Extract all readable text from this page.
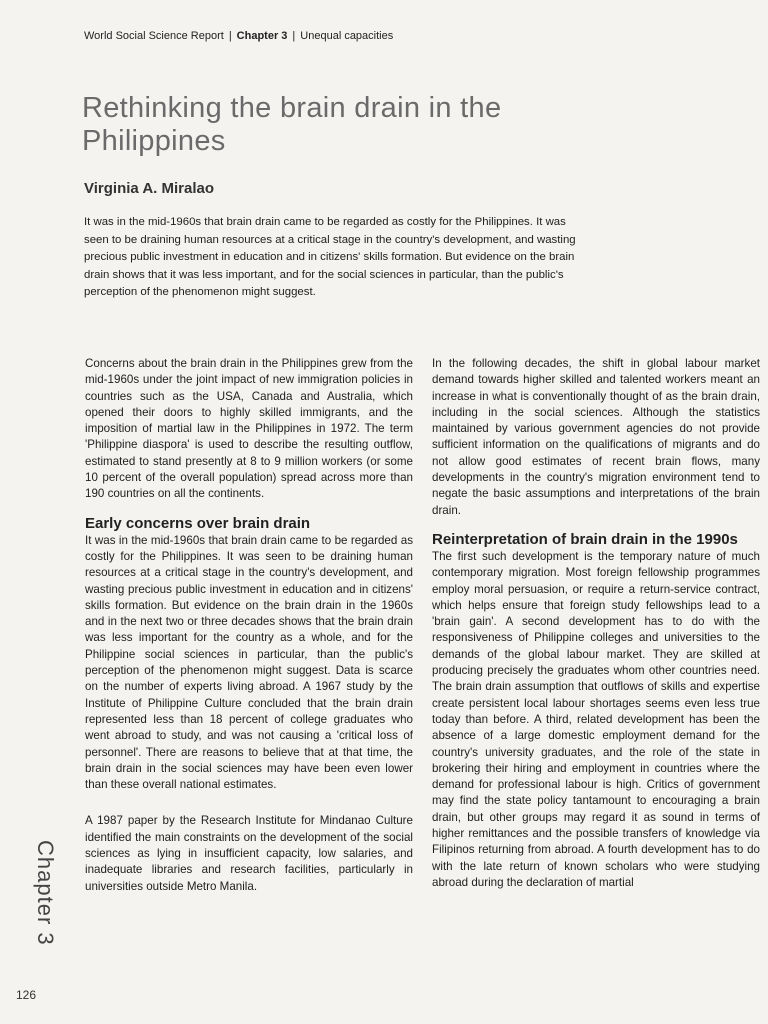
World Social Science Report | Chapter 3 | Unequal capacities
Rethinking the brain drain in the Philippines
Virginia A. Miralao

It was in the mid-1960s that brain drain came to be regarded as costly for the Philippines. It was seen to be draining human resources at a critical stage in the country's development, and wasting precious public investment in education and in citizens' skills formation. But evidence on the brain drain shows that it was less important, and for the social sciences in particular, than the public's perception of the phenomenon might suggest.

Concerns about the brain drain in the Philippines grew from the mid-1960s under the joint impact of new immigration policies in countries such as the USA, Canada and Australia, which opened their doors to highly skilled immigrants, and the imposition of martial law in the Philippines in 1972. The term 'Philippine diaspora' is used to describe the resulting outflow, estimated to stand presently at 8 to 9 million workers (or some 10 percent of the overall population) spread across more than 190 countries on all the continents.

Early concerns over brain drain

It was in the mid-1960s that brain drain came to be regarded as costly for the Philippines. It was seen to be draining human resources at a critical stage in the country's development, and wasting precious public investment in education and in citizens' skills formation. But evidence on the brain drain in the 1960s and in the next two or three decades shows that the brain drain was less important for the country as a whole, and for the Philippine social sciences in particular, than the public's perception of the phenomenon might suggest. Data is scarce on the number of experts living abroad. A 1967 study by the Institute of Philippine Culture concluded that the brain drain represented less than 18 percent of college graduates who went abroad to study, and was not causing a 'critical loss of personnel'. There are reasons to believe that at that time, the brain drain in the social sciences may have been even lower than these overall national estimates.

A 1987 paper by the Research Institute for Mindanao Culture identified the main constraints on the development of the social sciences as lying in insufficient capacity, low salaries, and inadequate libraries and research facilities, particularly in universities outside Metro Manila.

In the following decades, the shift in global labour market demand towards higher skilled and talented workers meant an increase in what is conventionally thought of as the brain drain, including in the social sciences. Although the statistics maintained by various government agencies do not provide sufficient information on the qualifications of migrants and do not allow good estimates of recent brain flows, many developments in the country's migration environment tend to negate the basic assumptions and interpretations of the brain drain.

Reinterpretation of brain drain in the 1990s

The first such development is the temporary nature of much contemporary migration. Most foreign fellowship programmes employ moral persuasion, or require a return-service contract, which helps ensure that foreign study fellowships lead to a 'brain gain'. A second development has to do with the responsiveness of Philippine colleges and universities to the demands of the global labour market. They are skilled at producing precisely the graduates whom other countries need. The brain drain assumption that outflows of skills and expertise create persistent local labour shortages seems even less true today than before. A third, related development has been the absence of a large domestic employment demand for the country's university graduates, and the role of the state in brokering their hiring and employment in countries where the demand for professional labour is high. Critics of government may find the state policy tantamount to encouraging a brain drain, but other groups may regard it as sound in terms of higher remittances and the possible transfers of knowledge via Filipinos returning from abroad. A fourth development has to do with the late return of known scholars who were studying abroad during the declaration of martial

Chapter 3
126
